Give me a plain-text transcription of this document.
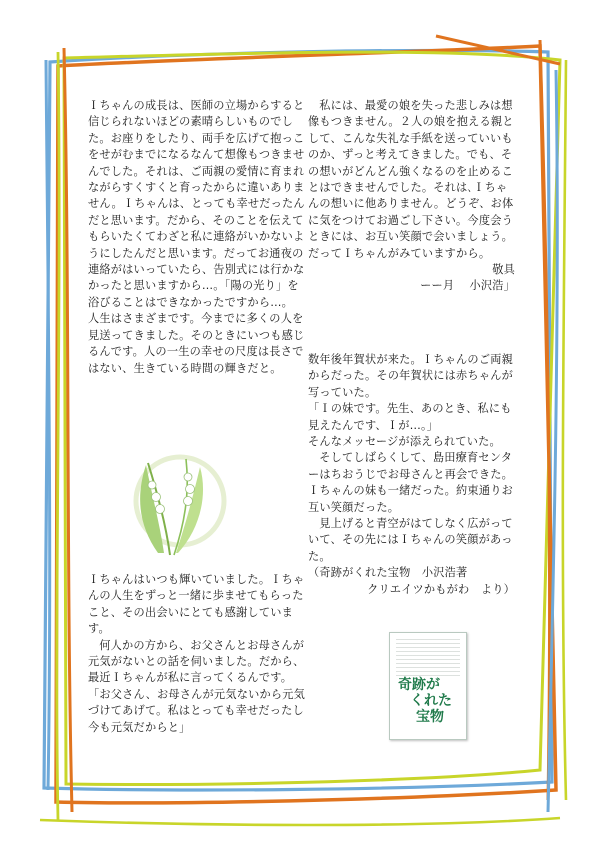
Ｉちゃんの成長は、医師の立場からすると信じられないほどの素晴らしいものでした。お座りをしたり、両手を広げて抱っこをせがむまでになるなんて想像もつきませんでした。それは、ご両親の愛情に育まれながらすくすくと育ったからに違いありません。Ｉちゃんは、とっても幸せだったんだと思います。だから、そのことを伝えてもらいたくてわざと私に連絡がいかないようにしたんだと思います。だってお通夜の連絡がはいっていたら、告別式には行かなかったと思いますから…。「陽の光り」を浴びることはできなかったですから…。

人生はさまざまです。今までに多くの人を見送ってきました。そのときにいつも感じるんです。人の一生の幸せの尺度は長さではない、生きている時間の輝きだと。

Ｉちゃんはいつも輝いていました。Ｉちゃんの人生をずっと一緒に歩ませてもらったこと、その出会いにとても感謝しています。

何人かの方から、お父さんとお母さんが元気がないとの話を伺いました。だから、最近Ｉちゃんが私に言ってくるんです。

「お父さん、お母さんが元気ないから元気づけてあげて。私はとっても幸せだったし今も元気だからと」

私には、最愛の娘を失った悲しみは想像もつきません。２人の娘を抱える親として、こんな失礼な手紙を送っていいものか、ずっと考えてきました。でも、その想いがどんどん強くなるのを止めることはできませんでした。それは､Ｉちゃんの想いに他ありません。どうぞ、お体に気をつけてお過ごし下さい。今度会うときには、お互い笑顔で会いましょう。だってＩちゃんがみていますから。

敬具

ーー月　 小沢浩」

数年後年賀状が来た。Ｉちゃんのご両親からだった。その年賀状には赤ちゃんが写っていた。

「Ｉの妹です。先生、あのとき、私にも見えたんです、Ｉが…。」

そんなメッセージが添えられていた。

そしてしばらくして、島田療育センターはちおうじでお母さんと再会できた。Ｉちゃんの妹も一緒だった。約束通りお互い笑顔だった。

見上げると青空がはてしなく広がっていて、その先にはＩちゃんの笑顔があった。

（奇跡がくれた宝物　小沢浩著

クリエイツかもがわ　より）

奇跡が
くれた
宝物
